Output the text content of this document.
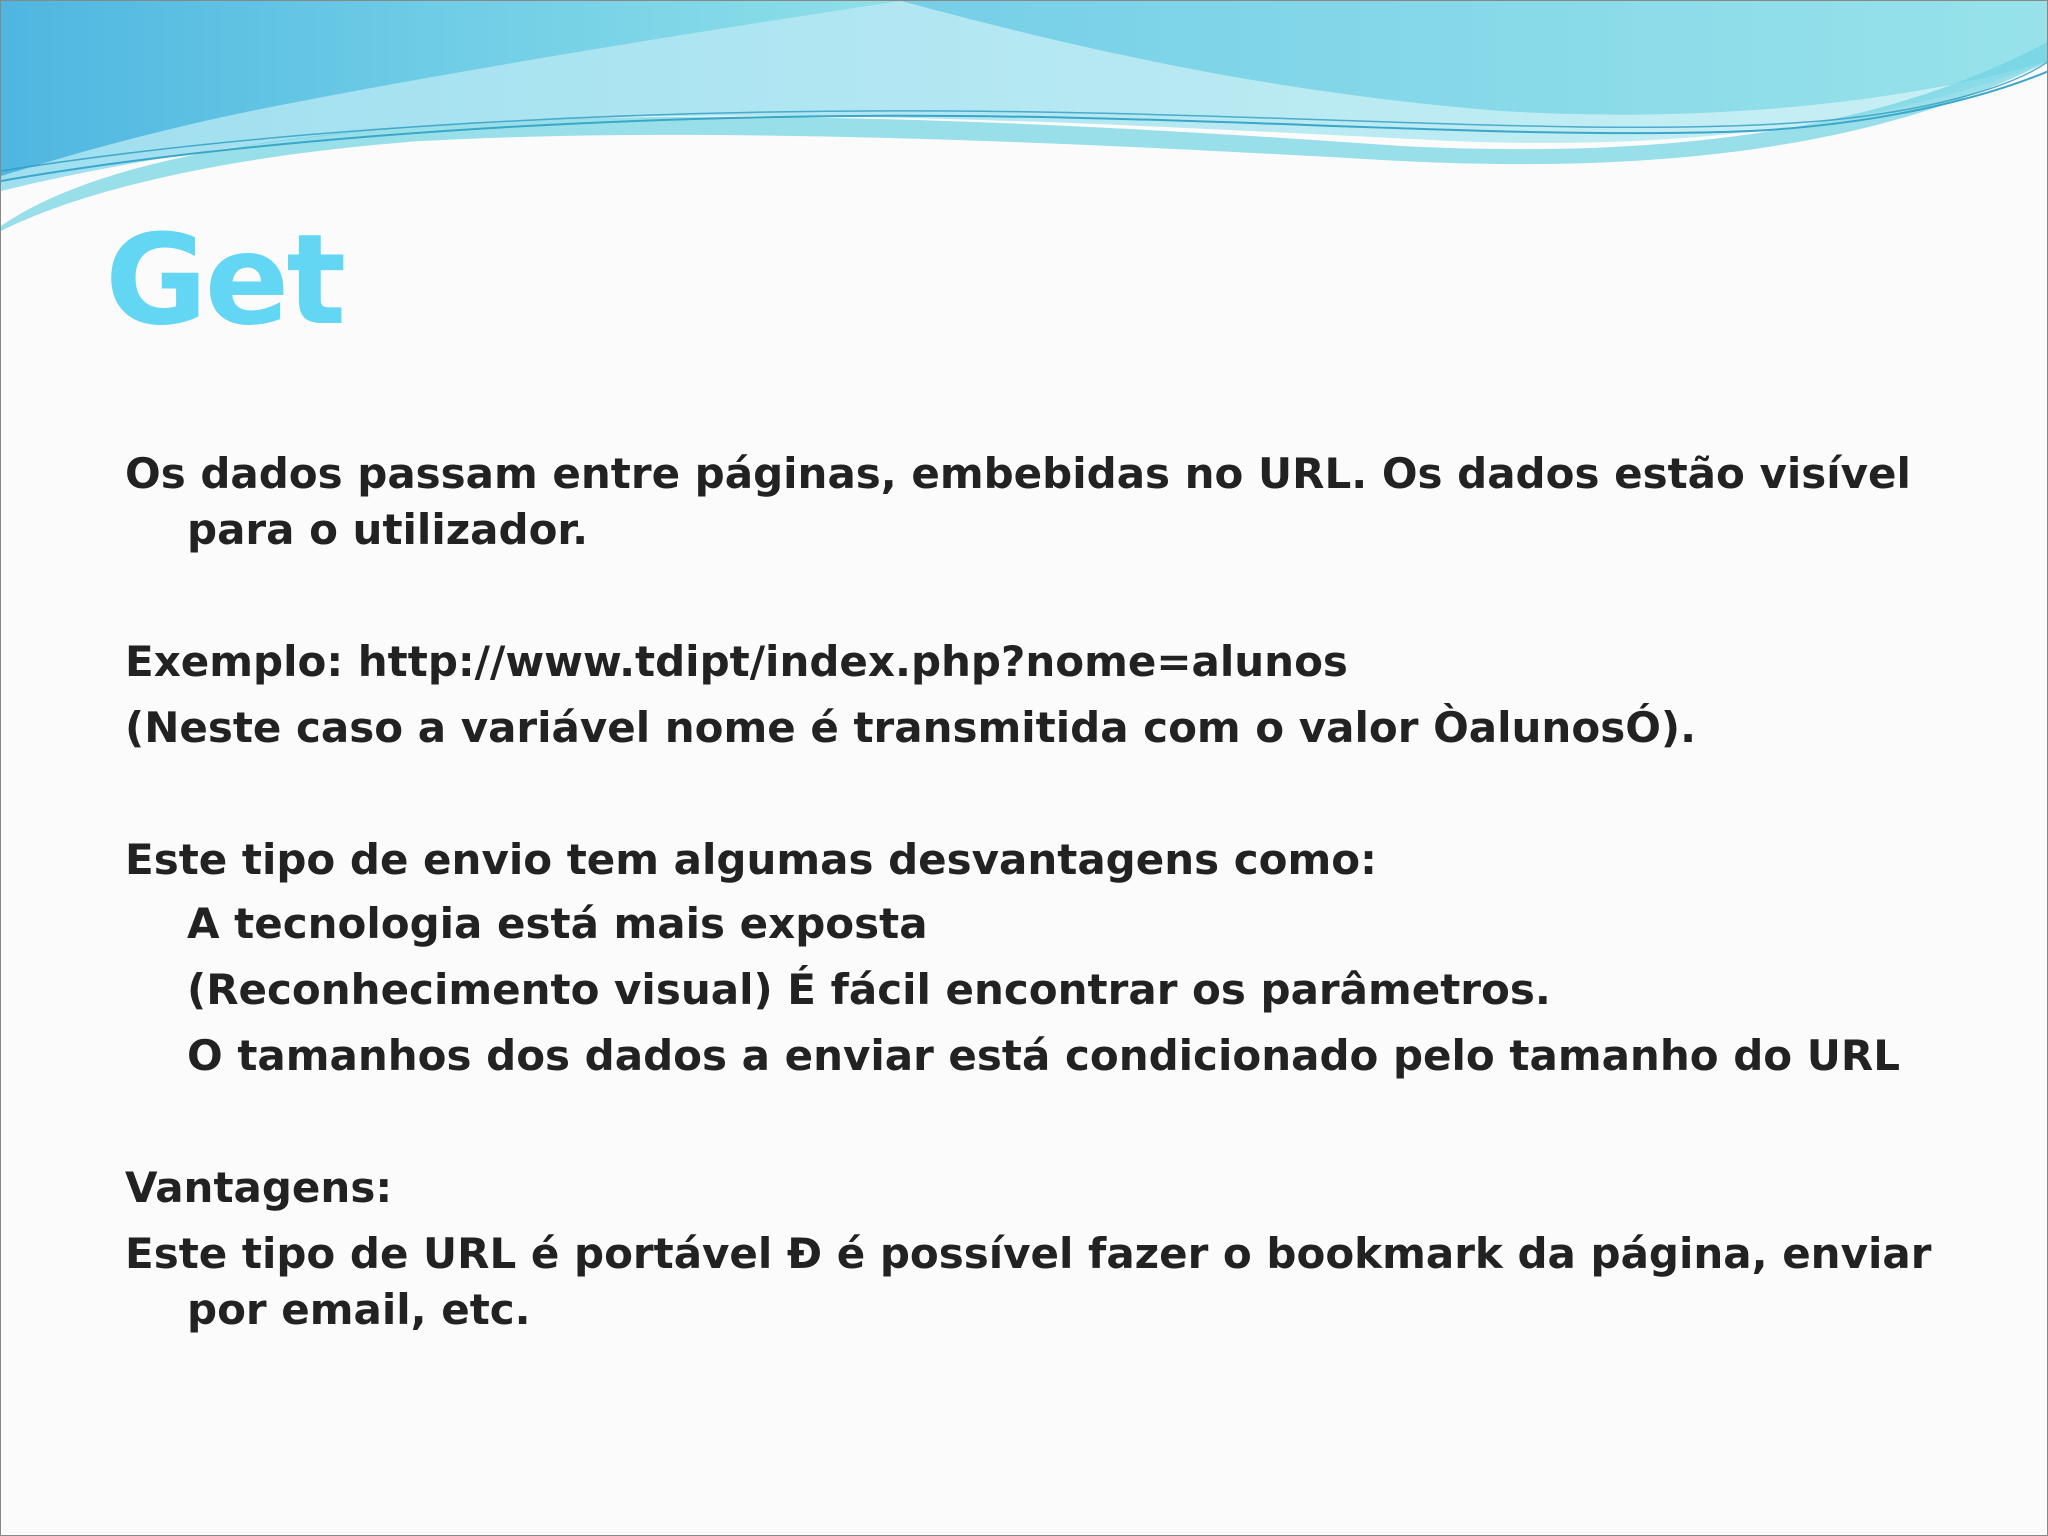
Get

Os dados passam entre páginas, embebidas no URL. Os dados estão visível para o utilizador.

Exemplo: http://www.tdipt/index.php?nome=alunos

(Neste caso a variável nome é transmitida com o valor ÒalunosÓ).

Este tipo de envio tem algumas desvantagens como:

A tecnologia está mais exposta

(Reconhecimento visual) É fácil encontrar os parâmetros.

O tamanhos dos dados a enviar está condicionado pelo tamanho do URL

Vantagens:

Este tipo de URL é portável Ð é possível fazer o bookmark da página, enviar por email, etc.
